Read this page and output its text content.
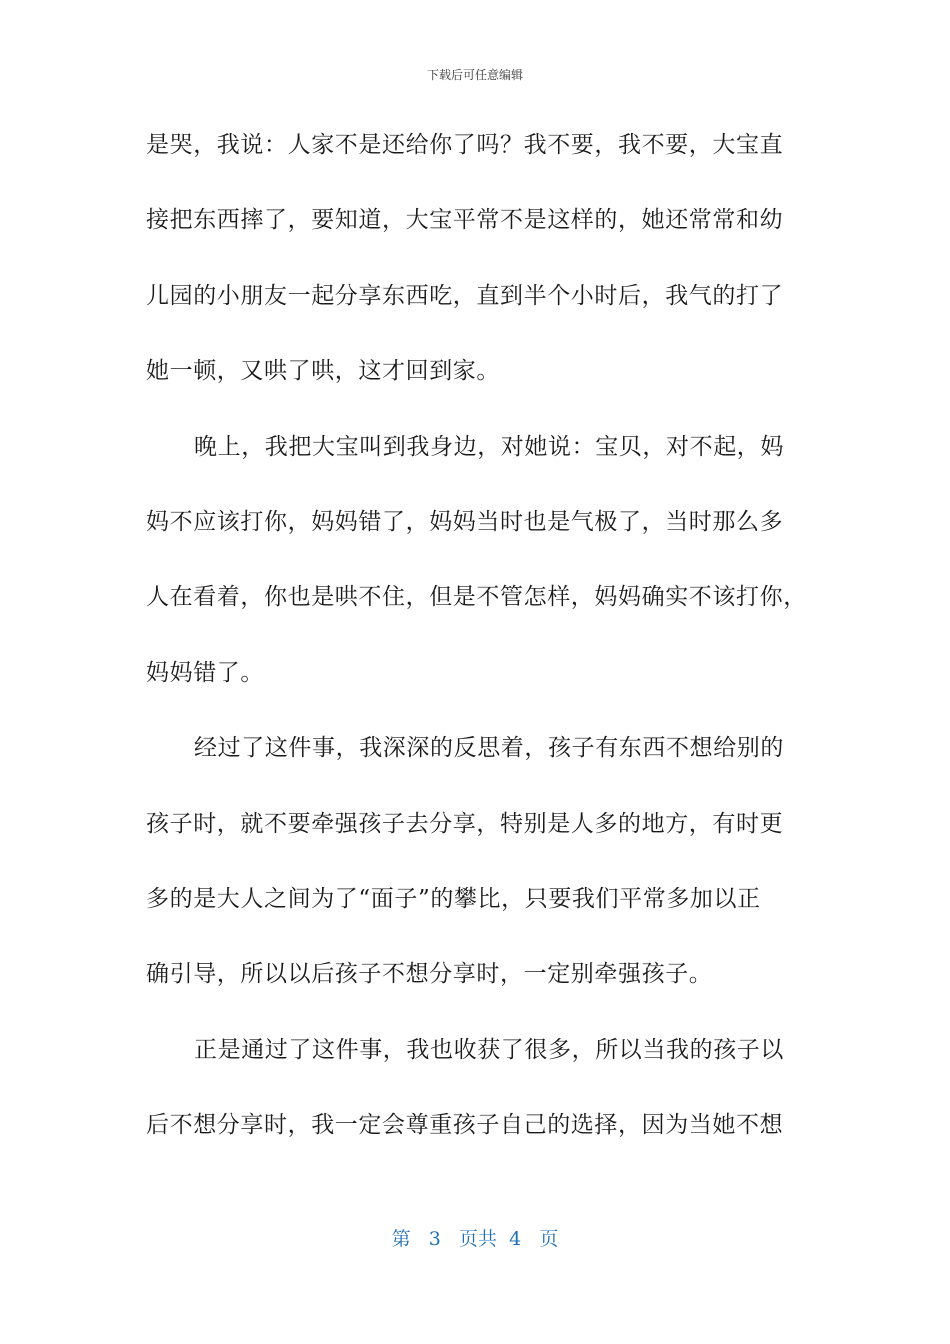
下载后可任意编辑
是哭，我说：人家不是还给你了吗？我不要，我不要，大宝直
接把东西摔了，要知道，大宝平常不是这样的，她还常常和幼
儿园的小朋友一起分享东西吃，直到半个小时后，我气的打了
她一顿，又哄了哄，这才回到家。
晚上，我把大宝叫到我身边，对她说：宝贝，对不起，妈
妈不应该打你，妈妈错了，妈妈当时也是气极了，当时那么多
人在看着，你也是哄不住，但是不管怎样，妈妈确实不该打你，
妈妈错了。
经过了这件事，我深深的反思着，孩子有东西不想给别的
孩子时，就不要牵强孩子去分享，特别是人多的地方，有时更
多的是大人之间为了“面子”的攀比，只要我们平常多加以正
确引导，所以以后孩子不想分享时，一定别牵强孩子。
正是通过了这件事，我也收获了很多，所以当我的孩子以
后不想分享时，我一定会尊重孩子自己的选择，因为当她不想
第 3 页共 4 页
